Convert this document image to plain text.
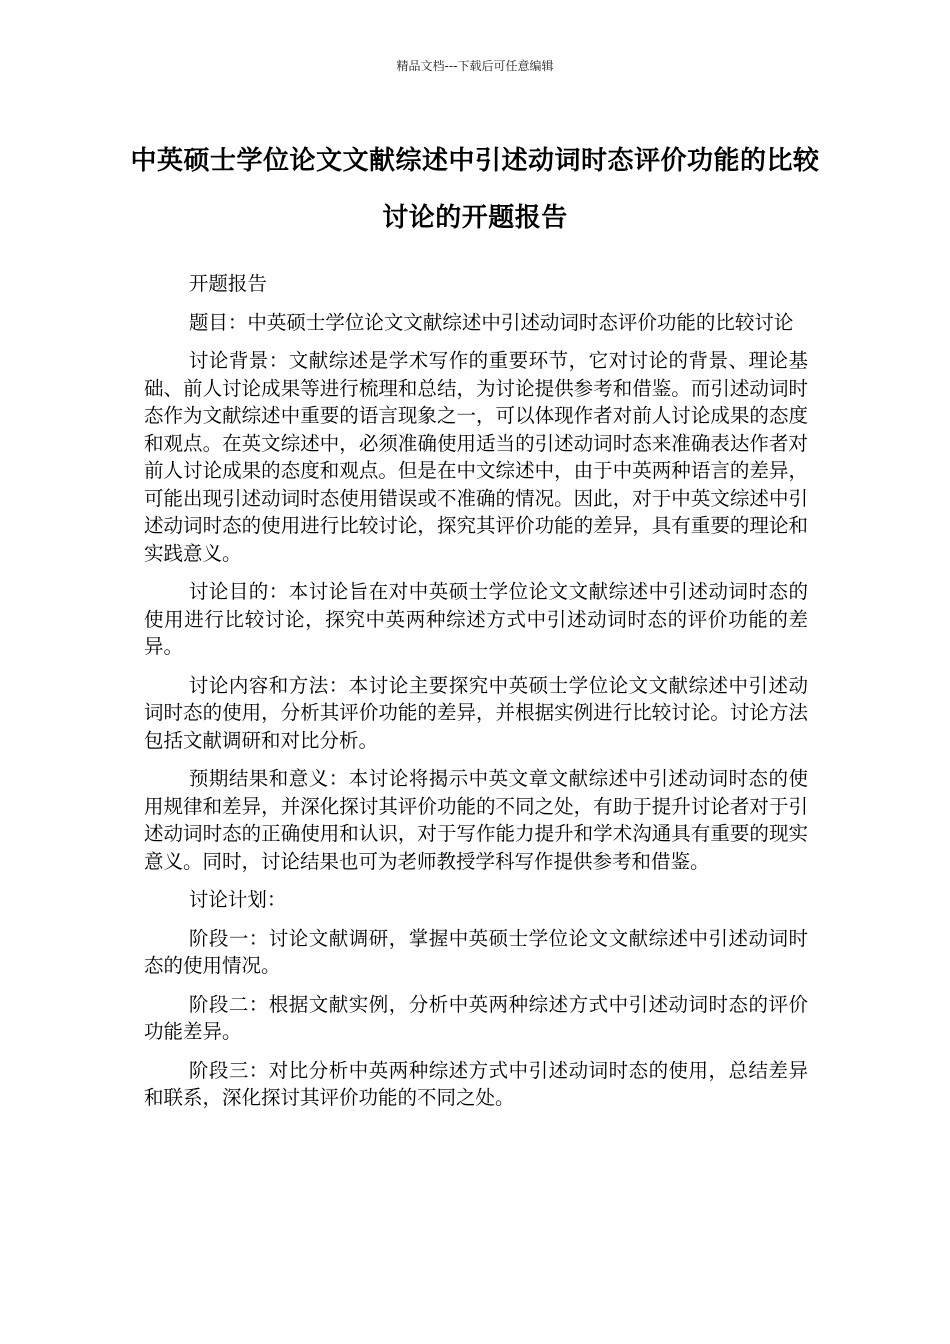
精品文档---下载后可任意编辑
中英硕士学位论文文献综述中引述动词时态评价功能的比较讨论的开题报告

开题报告

题目：中英硕士学位论文文献综述中引述动词时态评价功能的比较讨论

讨论背景：文献综述是学术写作的重要环节，它对讨论的背景、理论基础、前人讨论成果等进行梳理和总结，为讨论提供参考和借鉴。而引述动词时态作为文献综述中重要的语言现象之一，可以体现作者对前人讨论成果的态度和观点。在英文综述中，必须准确使用适当的引述动词时态来准确表达作者对前人讨论成果的态度和观点。但是在中文综述中，由于中英两种语言的差异，可能出现引述动词时态使用错误或不准确的情况。因此，对于中英文综述中引述动词时态的使用进行比较讨论，探究其评价功能的差异，具有重要的理论和实践意义。

讨论目的：本讨论旨在对中英硕士学位论文文献综述中引述动词时态的使用进行比较讨论，探究中英两种综述方式中引述动词时态的评价功能的差异。

讨论内容和方法：本讨论主要探究中英硕士学位论文文献综述中引述动词时态的使用，分析其评价功能的差异，并根据实例进行比较讨论。讨论方法包括文献调研和对比分析。

预期结果和意义：本讨论将揭示中英文章文献综述中引述动词时态的使用规律和差异，并深化探讨其评价功能的不同之处，有助于提升讨论者对于引述动词时态的正确使用和认识，对于写作能力提升和学术沟通具有重要的现实意义。同时，讨论结果也可为老师教授学科写作提供参考和借鉴。

讨论计划：

阶段一：讨论文献调研，掌握中英硕士学位论文文献综述中引述动词时态的使用情况。

阶段二：根据文献实例，分析中英两种综述方式中引述动词时态的评价功能差异。

阶段三：对比分析中英两种综述方式中引述动词时态的使用，总结差异和联系，深化探讨其评价功能的不同之处。
